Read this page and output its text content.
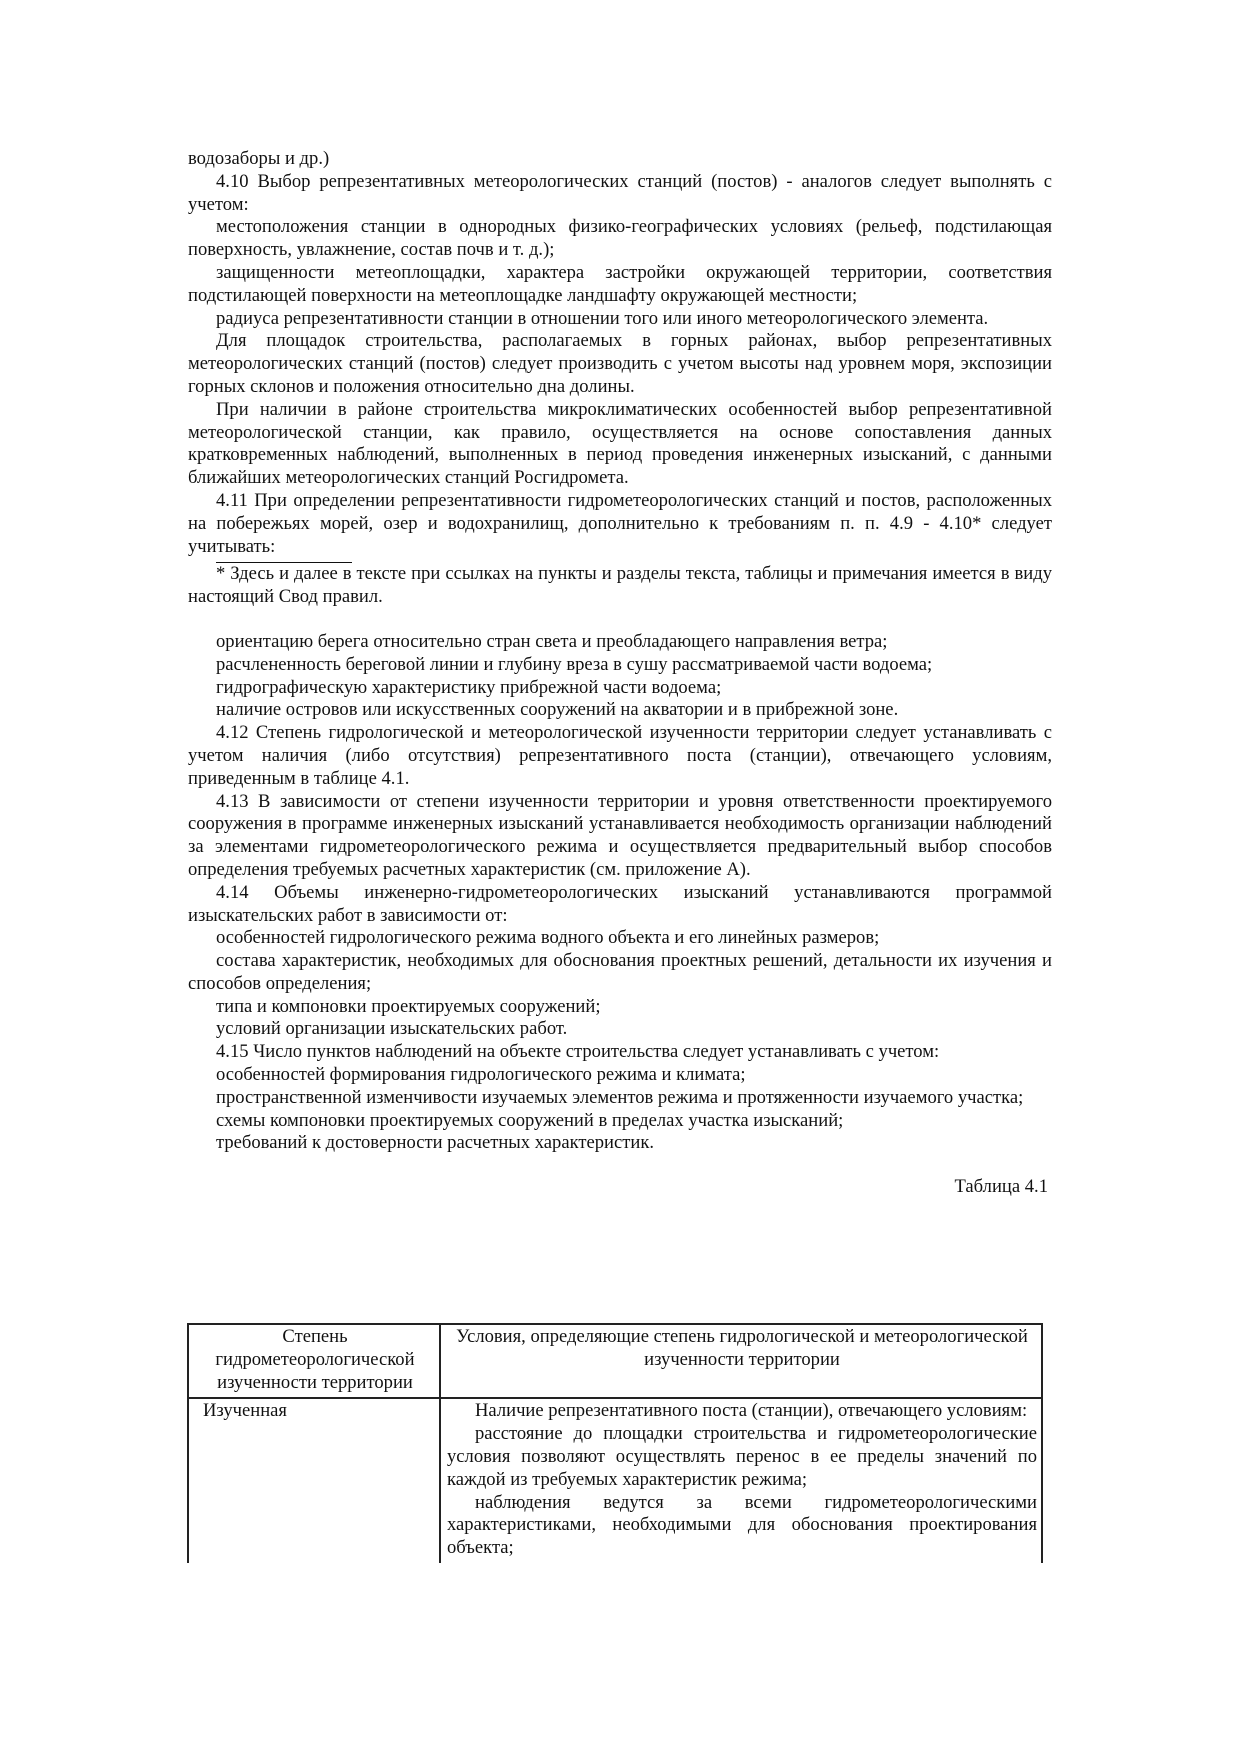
водозаборы и др.)

4.10 Выбор репрезентативных метеорологических станций (постов) - аналогов следует выполнять с учетом:

местоположения станции в однородных физико-географических условиях (рельеф, подстилающая поверхность, увлажнение, состав почв и т. д.);

защищенности метеоплощадки, характера застройки окружающей территории, соответствия подстилающей поверхности на метеоплощадке ландшафту окружающей местности;

радиуса репрезентативности станции в отношении того или иного метеорологического элемента.

Для площадок строительства, располагаемых в горных районах, выбор репрезентативных метеорологических станций (постов) следует производить с учетом высоты над уровнем моря, экспозиции горных склонов и положения относительно дна долины.

При наличии в районе строительства микроклиматических особенностей выбор репрезентативной метеорологической станции, как правило, осуществляется на основе сопоставления данных кратковременных наблюдений, выполненных в период проведения инженерных изысканий, с данными ближайших метеорологических станций Росгидромета.

4.11 При определении репрезентативности гидрометеорологических станций и постов, расположенных на побережьях морей, озер и водохранилищ, дополнительно к требованиям п. п. 4.9 - 4.10* следует учитывать:

* Здесь и далее в тексте при ссылках на пункты и разделы текста, таблицы и примечания имеется в виду настоящий Свод правил.

ориентацию берега относительно стран света и преобладающего направления ветра;

расчлененность береговой линии и глубину вреза в сушу рассматриваемой части водоема;

гидрографическую характеристику прибрежной части водоема;

наличие островов или искусственных сооружений на акватории и в прибрежной зоне.

4.12 Степень гидрологической и метеорологической изученности территории следует устанавливать с учетом наличия (либо отсутствия) репрезентативного поста (станции), отвечающего условиям, приведенным в таблице 4.1.

4.13 В зависимости от степени изученности территории и уровня ответственности проектируемого сооружения в программе инженерных изысканий устанавливается необходимость организации наблюдений за элементами гидрометеорологического режима и осуществляется предварительный выбор способов определения требуемых расчетных характеристик (см. приложение А).

4.14 Объемы инженерно-гидрометеорологических изысканий устанавливаются программой изыскательских работ в зависимости от:

особенностей гидрологического режима водного объекта и его линейных размеров;

состава характеристик, необходимых для обоснования проектных решений, детальности их изучения и способов определения;

типа и компоновки проектируемых сооружений;

условий организации изыскательских работ.

4.15 Число пунктов наблюдений на объекте строительства следует устанавливать с учетом:

особенностей формирования гидрологического режима и климата;

пространственной изменчивости изучаемых элементов режима и протяженности изучаемого участка;

схемы компоновки проектируемых сооружений в пределах участка изысканий;

требований к достоверности расчетных характеристик.

Таблица 4.1
Степень гидрометеорологической изученности территории	Условия, определяющие степень гидрологической и метеорологической изученности территории
Изученная	Наличие репрезентативного поста (станции), отвечающего условиям:

расстояние до площадки строительства и гидрометеорологические условия позволяют осуществлять перенос в ее пределы значений по каждой из требуемых характеристик режима;

наблюдения ведутся за всеми гидрометеорологическими характеристиками, необходимыми для обоснования проектирования объекта;
